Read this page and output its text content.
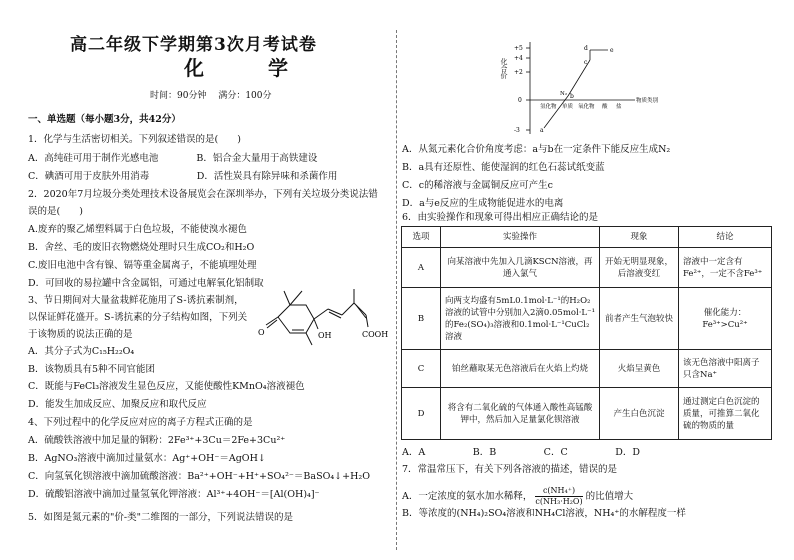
高二年级下学期第3次月考试卷
化　学
时间：90分钟　 满分：100分
一、单选题（每小题3分，共42分）
1．化学与生活密切相关。下列叙述错误的是(　　)
A．高纯硅可用于制作光感电池　　　　B．铝合金大量用于高铁建设
C．碘酒可用于皮肤外用消毒　　　　　D．活性炭具有除异味和杀菌作用
2．2020年7月垃圾分类处理技术设备展览会在深圳举办，下列有关垃圾分类说法错
误的是(　　)
A.废弃的聚乙烯塑料属于白色垃圾，不能使溴水褪色
B．舍丝、毛的废旧衣物燃烧处理时只生成CO₂和H₂O
C.废旧电池中含有镍、镉等重金属离子，不能填埋处理
D．可回收的易拉罐中含金属铝，可通过电解氧化铝制取
3、节日期间对大量盆栽鲜花施用了S-诱抗素制剂，
以保证鲜花盛开。S-诱抗素的分子结构如图，下列关
于该物质的说法正确的是
A．其分子式为C₁₅H₂₂O₄
B．该物质具有5种不同官能团
C．既能与FeCl₃溶液发生显色反应，又能使酸性KMnO₄溶液褪色
D．能发生加成反应、加聚反应和取代反应
4、下列过程中的化学反应对应的离子方程式正确的是
A．硫酸铁溶液中加足量的铜粉：2Fe³⁺+3Cu＝2Fe+3Cu²⁺
B．AgNO₃溶液中滴加过量氨水：Ag⁺+OH⁻＝AgOH↓
C．向氢氧化钡溶液中滴加硫酸溶液：Ba²⁺+OH⁻+H⁺+SO₄²⁻＝BaSO₄↓+H₂O
D．硫酸铝溶液中滴加过量氢氧化钾溶液：Al³⁺+4OH⁻＝[Al(OH)₄]⁻
5．如图是氮元素的"价-类"二维图的一部分，下列说法错误的是
OH
O	COOH
+5
+4
+2
0
-3
氢化物 单质 氧化物 酸 盐
物质类别
a
b
c
d	e
N₂
化合价
A．从氮元素化合价角度考虑：a与b在一定条件下能反应生成N₂
B．a具有还原性、能使湿润的红色石蕊试纸变蓝
C．c的稀溶液与金属铜反应可产生c
D．a与e反应的生成物能促进水的电离
6．由实验操作和现象可得出相应正确结论的是
选项	实验操作	现象	结论
A	向某溶液中先加入几滴KSCN溶液，再通入氯气	开始无明显现象，后溶液变红	溶液中一定含有Fe²⁺，一定不含Fe³⁺
B	向两支均盛有5mL0.1mol·L⁻¹的H₂O₂溶液的试管中分别加入2滴0.05mol·L⁻¹的Fe₂(SO₄)₃溶液和0.1mol·L⁻¹CuCl₂溶液	前者产生气泡较快	催化能力：Fe³⁺>Cu²⁺
C	铂丝蘸取某无色溶液后在火焰上灼烧	火焰呈黄色	该无色溶液中阳离子只含Na⁺
D	将含有二氧化硫的气体通入酸性高锰酸钾中，然后加入足量氯化钡溶液	产生白色沉淀	通过测定白色沉淀的质量，可推算二氧化硫的物质的量
A．A　　　　　B．B　　　　　C．C　　　　　D．D
7．常温常压下，有关下列各溶液的描述，错误的是
A．一定浓度的氨水加水稀释， $\frac{\text{c(NH₄⁺)}}{\text{c(NH₃·H₂O)}}$ 的比值增大
B．等浓度的(NH₄)₂SO₄溶液和NH₄Cl溶液，NH₄⁺的水解程度一样
